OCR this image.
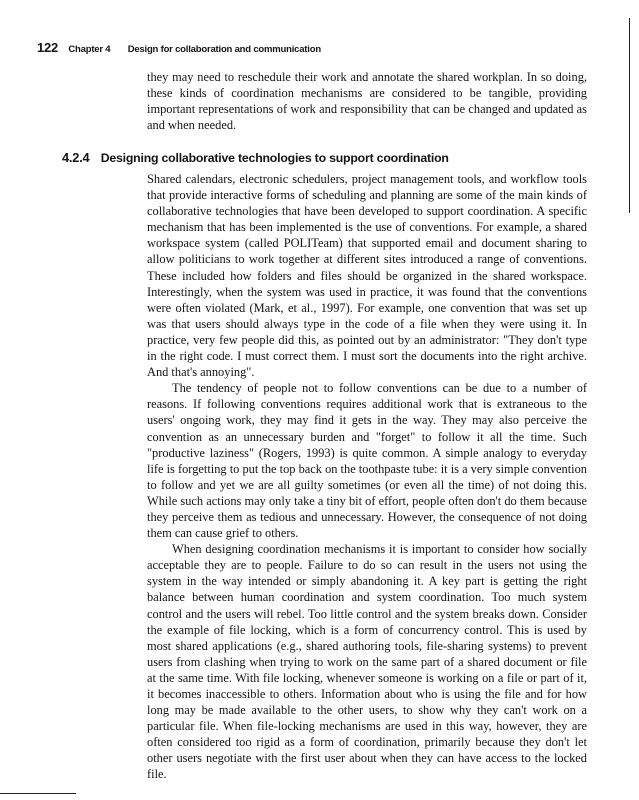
122 Chapter 4 Design for collaboration and communication

they may need to reschedule their work and annotate the shared workplan. In so doing, these kinds of coordination mechanisms are considered to be tangible, providing important representations of work and responsibility that can be changed and updated as and when needed.

4.2.4 Designing collaborative technologies to support coordination

Shared calendars, electronic schedulers, project management tools, and workflow tools that provide interactive forms of scheduling and planning are some of the main kinds of collaborative technologies that have been developed to support coordination. A specific mechanism that has been implemented is the use of conventions. For example, a shared workspace system (called POLITeam) that supported email and document sharing to allow politicians to work together at different sites introduced a range of conventions. These included how folders and files should be organized in the shared workspace. Interestingly, when the system was used in practice, it was found that the conventions were often violated (Mark, et al., 1997). For example, one convention that was set up was that users should always type in the code of a file when they were using it. In practice, very few people did this, as pointed out by an administrator: "They don't type in the right code. I must correct them. I must sort the documents into the right archive. And that's annoying".

The tendency of people not to follow conventions can be due to a number of reasons. If following conventions requires additional work that is extraneous to the users' ongoing work, they may find it gets in the way. They may also perceive the convention as an unnecessary burden and "forget" to follow it all the time. Such "productive laziness" (Rogers, 1993) is quite common. A simple analogy to everyday life is forgetting to put the top back on the toothpaste tube: it is a very simple convention to follow and yet we are all guilty sometimes (or even all the time) of not doing this. While such actions may only take a tiny bit of effort, people often don't do them because they perceive them as tedious and unnecessary. However, the consequence of not doing them can cause grief to others.

When designing coordination mechanisms it is important to consider how socially acceptable they are to people. Failure to do so can result in the users not using the system in the way intended or simply abandoning it. A key part is getting the right balance between human coordination and system coordination. Too much system control and the users will rebel. Too little control and the system breaks down. Consider the example of file locking, which is a form of concurrency control. This is used by most shared applications (e.g., shared authoring tools, file-sharing systems) to prevent users from clashing when trying to work on the same part of a shared document or file at the same time. With file locking, whenever someone is working on a file or part of it, it becomes inaccessible to others. Information about who is using the file and for how long may be made available to the other users, to show why they can't work on a particular file. When file-locking mechanisms are used in this way, however, they are often considered too rigid as a form of coordination, primarily because they don't let other users negotiate with the first user about when they can have access to the locked file.
